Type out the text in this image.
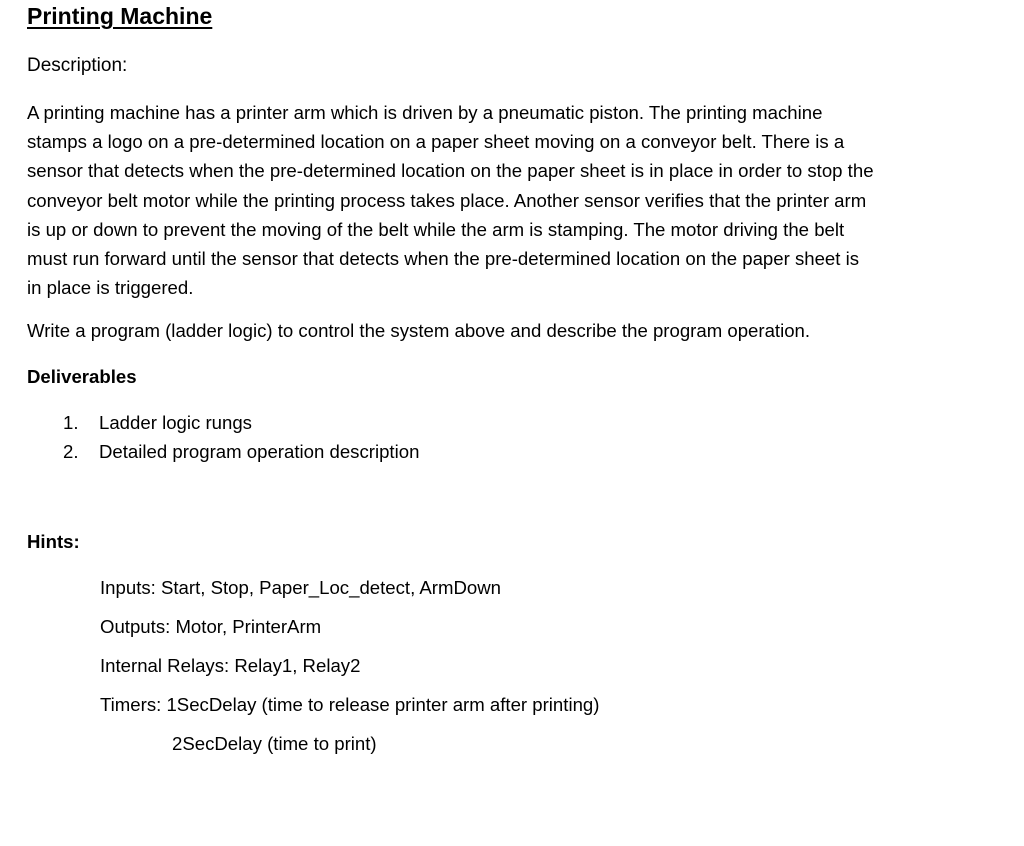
Printing Machine
Description:

A printing machine has a printer arm which is driven by a pneumatic piston. The printing machine
stamps a logo on a pre-determined location on a paper sheet moving on a conveyor belt. There is a
sensor that detects when the pre-determined location on the paper sheet is in place in order to stop the
conveyor belt motor while the printing process takes place. Another sensor verifies that the printer arm
is up or down to prevent the moving of the belt while the arm is stamping. The motor driving the belt
must run forward until the sensor that detects when the pre-determined location on the paper sheet is
in place is triggered.

Write a program (ladder logic) to control the system above and describe the program operation.
Deliverables
1. Ladder logic rungs
2. Detailed program operation description
Hints:
Inputs: Start, Stop, Paper_Loc_detect, ArmDown
Outputs: Motor, PrinterArm
Internal Relays: Relay1, Relay2
Timers: 1SecDelay (time to release printer arm after printing)
2SecDelay (time to print)
